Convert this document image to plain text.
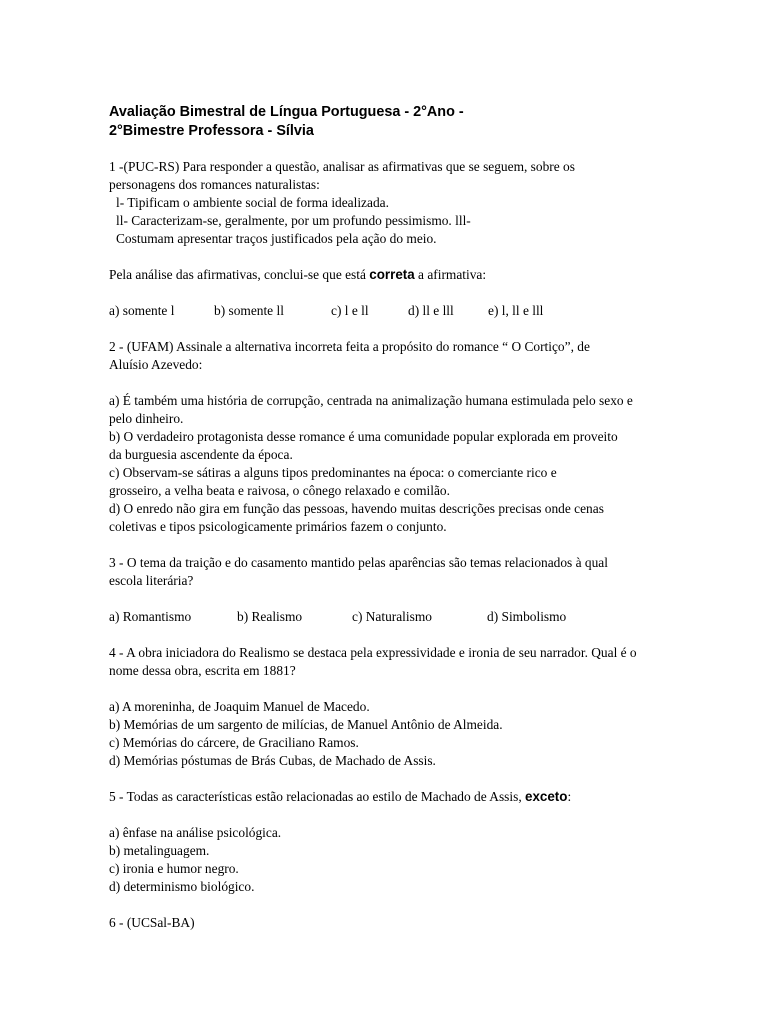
Avaliação Bimestral de Língua Portuguesa - 2°Ano -
2°Bimestre Professora - Sílvia

1 -(PUC-RS) Para responder a questão, analisar as afirmativas que se seguem, sobre os

personagens dos romances naturalistas:

l- Tipificam o ambiente social de forma idealizada.

ll- Caracterizam-se, geralmente, por um profundo pessimismo. lll-

Costumam apresentar traços justificados pela ação do meio.

Pela análise das afirmativas, conclui-se que está correta a afirmativa:

a) somente l	b) somente ll	c) l e ll	d) ll e lll	e) l, ll e lll

2 - (UFAM) Assinale a alternativa incorreta feita a propósito do romance “ O Cortiço”, de

Aluísio Azevedo:

a) É também uma história de corrupção, centrada na animalização humana estimulada pelo sexo e

pelo dinheiro.

b) O verdadeiro protagonista desse romance é uma comunidade popular explorada em proveito

da burguesia ascendente da época.

c) Observam-se sátiras a alguns tipos predominantes na época: o comerciante rico e

grosseiro, a velha beata e raivosa, o cônego relaxado e comilão.

d) O enredo não gira em função das pessoas, havendo muitas descrições precisas onde cenas

coletivas e tipos psicologicamente primários fazem o conjunto.

3 - O tema da traição e do casamento mantido pelas aparências são temas relacionados à qual

escola literária?

a) Romantismo	b) Realismo	c) Naturalismo	d) Simbolismo

4 - A obra iniciadora do Realismo se destaca pela expressividade e ironia de seu narrador. Qual é o

nome dessa obra, escrita em 1881?

a) A moreninha, de Joaquim Manuel de Macedo.

b) Memórias de um sargento de milícias, de Manuel Antônio de Almeida.

c) Memórias do cárcere, de Graciliano Ramos.

d) Memórias póstumas de Brás Cubas, de Machado de Assis.

5 - Todas as características estão relacionadas ao estilo de Machado de Assis, exceto:

a) ênfase na análise psicológica.

b) metalinguagem.

c) ironia e humor negro.

d) determinismo biológico.

6 - (UCSal-BA)
